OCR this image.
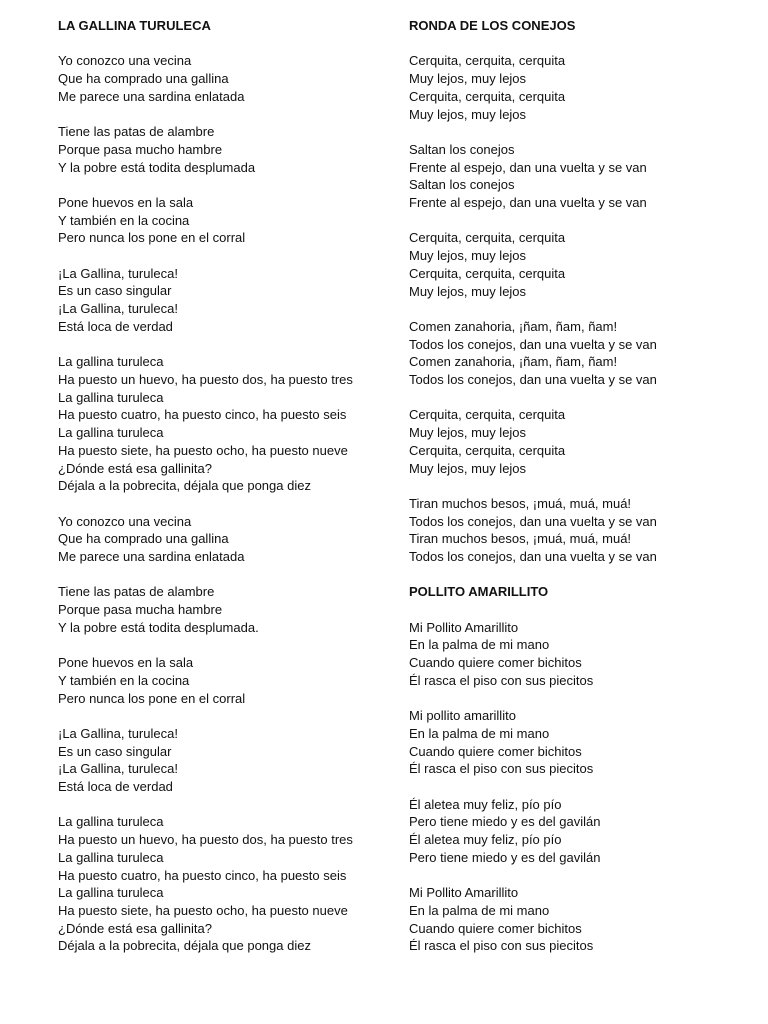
LA GALLINA TURULECA
Yo conozco una vecina
Que ha comprado una gallina
Me parece una sardina enlatada
Tiene las patas de alambre
Porque pasa mucho hambre
Y la pobre está todita desplumada
Pone huevos en la sala
Y también en la cocina
Pero nunca los pone en el corral
¡La Gallina, turuleca!
Es un caso singular
¡La Gallina, turuleca!
Está loca de verdad
La gallina turuleca
Ha puesto un huevo, ha puesto dos, ha puesto tres
La gallina turuleca
Ha puesto cuatro, ha puesto cinco, ha puesto seis
La gallina turuleca
Ha puesto siete, ha puesto ocho, ha puesto nueve
¿Dónde está esa gallinita?
Déjala a la pobrecita, déjala que ponga diez
Yo conozco una vecina
Que ha comprado una gallina
Me parece una sardina enlatada
Tiene las patas de alambre
Porque pasa mucha hambre
Y la pobre está todita desplumada.
Pone huevos en la sala
Y también en la cocina
Pero nunca los pone en el corral
¡La Gallina, turuleca!
Es un caso singular
¡La Gallina, turuleca!
Está loca de verdad
La gallina turuleca
Ha puesto un huevo, ha puesto dos, ha puesto tres
La gallina turuleca
Ha puesto cuatro, ha puesto cinco, ha puesto seis
La gallina turuleca
Ha puesto siete, ha puesto ocho, ha puesto nueve
¿Dónde está esa gallinita?
Déjala a la pobrecita, déjala que ponga diez
RONDA DE LOS CONEJOS
Cerquita, cerquita, cerquita
Muy lejos, muy lejos
Cerquita, cerquita, cerquita
Muy lejos, muy lejos
Saltan los conejos
Frente al espejo, dan una vuelta y se van
Saltan los conejos
Frente al espejo, dan una vuelta y se van
Cerquita, cerquita, cerquita
Muy lejos, muy lejos
Cerquita, cerquita, cerquita
Muy lejos, muy lejos
Comen zanahoria, ¡ñam, ñam, ñam!
Todos los conejos, dan una vuelta y se van
Comen zanahoria, ¡ñam, ñam, ñam!
Todos los conejos, dan una vuelta y se van
Cerquita, cerquita, cerquita
Muy lejos, muy lejos
Cerquita, cerquita, cerquita
Muy lejos, muy lejos
Tiran muchos besos, ¡muá, muá, muá!
Todos los conejos, dan una vuelta y se van
Tiran muchos besos, ¡muá, muá, muá!
Todos los conejos, dan una vuelta y se van
POLLITO AMARILLITO
Mi Pollito Amarillito
En la palma de mi mano
Cuando quiere comer bichitos
Él rasca el piso con sus piecitos
Mi pollito amarillito
En la palma de mi mano
Cuando quiere comer bichitos
Él rasca el piso con sus piecitos
Él aletea muy feliz, pío pío
Pero tiene miedo y es del gavilán
Él aletea muy feliz, pío pío
Pero tiene miedo y es del gavilán
Mi Pollito Amarillito
En la palma de mi mano
Cuando quiere comer bichitos
Él rasca el piso con sus piecitos
